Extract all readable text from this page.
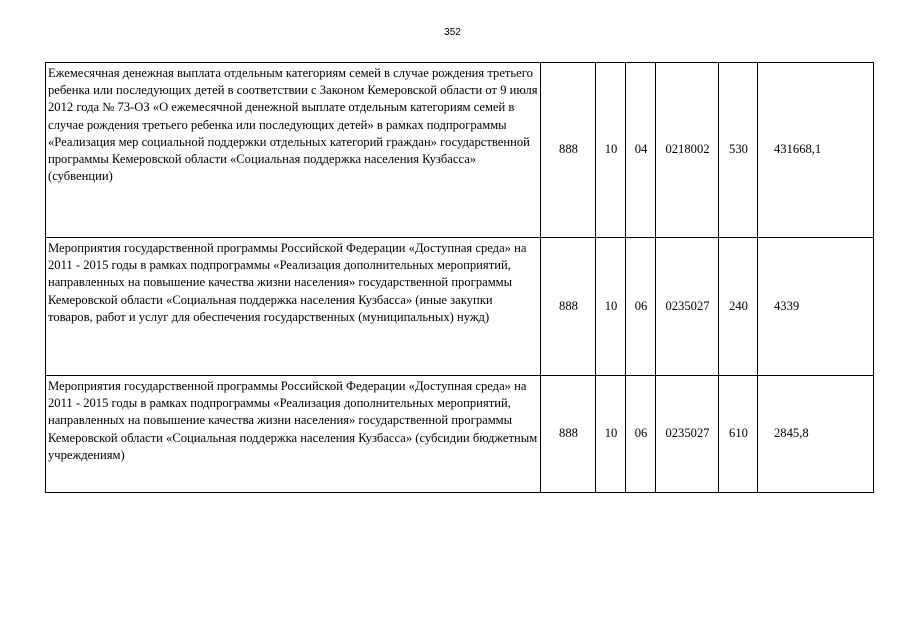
352
Ежемесячная денежная выплата отдельным категориям семей в случае рождения третьего ребенка или последующих детей в соответствии с Законом Кемеровской области от 9 июля 2012 года № 73-ОЗ «О ежемесячной денежной выплате отдельным категориям семей в случае рождения третьего ребенка или последующих детей» в рамках подпрограммы «Реализация мер социальной поддержки отдельных категорий граждан» государственной программы Кемеровской области «Социальная поддержка населения Кузбасса» (субвенции)	888	10	04	0218002	530	431668,1
Мероприятия государственной программы Российской Федерации «Доступная среда» на 2011 - 2015 годы в рамках подпрограммы «Реализация дополнительных мероприятий, направленных на повышение качества жизни населения» государственной программы Кемеровской области «Социальная поддержка населения Кузбасса» (иные закупки товаров, работ и услуг для обеспечения государственных (муниципальных) нужд)	888	10	06	0235027	240	4339
Мероприятия государственной программы Российской Федерации «Доступная среда» на 2011 - 2015 годы в рамках подпрограммы «Реализация дополнительных мероприятий, направленных на повышение качества жизни населения» государственной программы Кемеровской области «Социальная поддержка населения Кузбасса» (субсидии бюджетным учреждениям)	888	10	06	0235027	610	2845,8
